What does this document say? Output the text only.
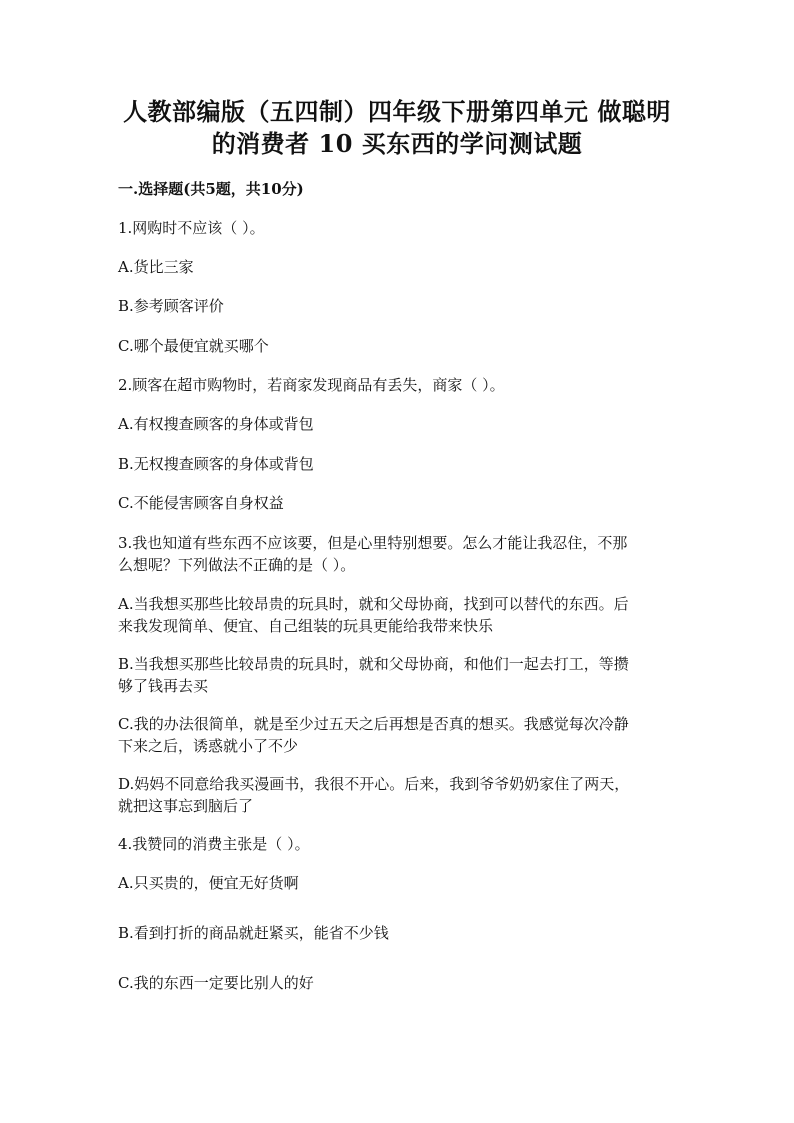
人教部编版（五四制）四年级下册第四单元 做聪明
的消费者 10 买东西的学问测试题
一.选择题(共5题，共10分)
1.网购时不应该（ ）。
A.货比三家
B.参考顾客评价
C.哪个最便宜就买哪个
2.顾客在超市购物时，若商家发现商品有丢失，商家（ ）。
A.有权搜查顾客的身体或背包
B.无权搜查顾客的身体或背包
C.不能侵害顾客自身权益
3.我也知道有些东西不应该要，但是心里特别想要。怎么才能让我忍住，不那
么想呢？下列做法不正确的是（ ）。
A.当我想买那些比较昂贵的玩具时，就和父母协商，找到可以替代的东西。后
来我发现简单、便宜、自己组装的玩具更能给我带来快乐
B.当我想买那些比较昂贵的玩具时，就和父母协商，和他们一起去打工，等攒
够了钱再去买
C.我的办法很简单，就是至少过五天之后再想是否真的想买。我感觉每次冷静
下来之后，诱惑就小了不少
D.妈妈不同意给我买漫画书，我很不开心。后来，我到爷爷奶奶家住了两天，
就把这事忘到脑后了
4.我赞同的消费主张是（ ）。
A.只买贵的，便宜无好货啊
B.看到打折的商品就赶紧买，能省不少钱
C.我的东西一定要比别人的好
